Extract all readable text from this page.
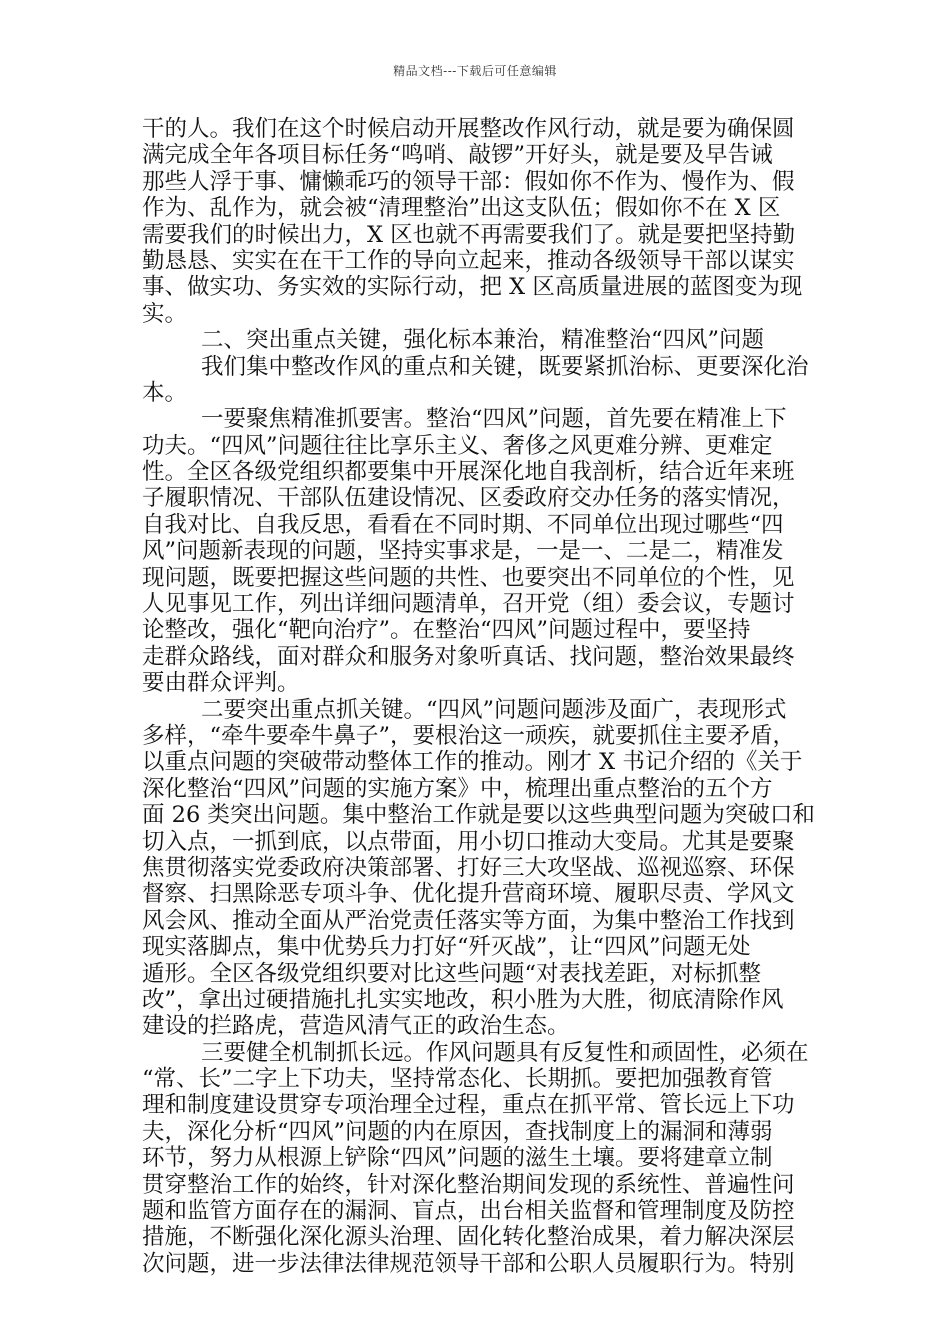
精品文档---下载后可任意编辑
干的人。我们在这个时候启动开展整改作风行动，就是要为确保圆
满完成全年各项目标任务“鸣哨、敲锣”开好头，就是要及早告诫
那些人浮于事、慵懒乖巧的领导干部：假如你不作为、慢作为、假
作为、乱作为，就会被“清理整治”出这支队伍；假如你不在 X 区
需要我们的时候出力，X 区也就不再需要我们了。就是要把坚持勤
勤恳恳、实实在在干工作的导向立起来，推动各级领导干部以谋实
事、做实功、务实效的实际行动，把 X 区高质量进展的蓝图变为现
实。
二、突出重点关键，强化标本兼治，精准整治“四风”问题
我们集中整改作风的重点和关键，既要紧抓治标、更要深化治
本。
一要聚焦精准抓要害。整治“四风”问题，首先要在精准上下
功夫。“四风”问题往往比享乐主义、奢侈之风更难分辨、更难定
性。全区各级党组织都要集中开展深化地自我剖析，结合近年来班
子履职情况、干部队伍建设情况、区委政府交办任务的落实情况，
自我对比、自我反思，看看在不同时期、不同单位出现过哪些“四
风”问题新表现的问题，坚持实事求是，一是一、二是二，精准发
现问题，既要把握这些问题的共性、也要突出不同单位的个性，见
人见事见工作，列出详细问题清单，召开党（组）委会议，专题讨
论整改，强化“靶向治疗”。在整治“四风”问题过程中，要坚持
走群众路线，面对群众和服务对象听真话、找问题，整治效果最终
要由群众评判。
二要突出重点抓关键。“四风”问题问题涉及面广，表现形式
多样，“牵牛要牵牛鼻子”，要根治这一顽疾，就要抓住主要矛盾，
以重点问题的突破带动整体工作的推动。刚才 X 书记介绍的《关于
深化整治“四风”问题的实施方案》中，梳理出重点整治的五个方
面 26 类突出问题。集中整治工作就是要以这些典型问题为突破口和
切入点，一抓到底，以点带面，用小切口推动大变局。尤其是要聚
焦贯彻落实党委政府决策部署、打好三大攻坚战、巡视巡察、环保
督察、扫黑除恶专项斗争、优化提升营商环境、履职尽责、学风文
风会风、推动全面从严治党责任落实等方面，为集中整治工作找到
现实落脚点，集中优势兵力打好“歼灭战”，让“四风”问题无处
遁形。全区各级党组织要对比这些问题“对表找差距，对标抓整
改”，拿出过硬措施扎扎实实地改，积小胜为大胜，彻底清除作风
建设的拦路虎，营造风清气正的政治生态。
三要健全机制抓长远。作风问题具有反复性和顽固性，必须在
“常、长”二字上下功夫，坚持常态化、长期抓。要把加强教育管
理和制度建设贯穿专项治理全过程，重点在抓平常、管长远上下功
夫，深化分析“四风”问题的内在原因，查找制度上的漏洞和薄弱
环节，努力从根源上铲除“四风”问题的滋生土壤。要将建章立制
贯穿整治工作的始终，针对深化整治期间发现的系统性、普遍性问
题和监管方面存在的漏洞、盲点，出台相关监督和管理制度及防控
措施，不断强化深化源头治理、固化转化整治成果，着力解决深层
次问题，进一步法律法律规范领导干部和公职人员履职行为。特别
